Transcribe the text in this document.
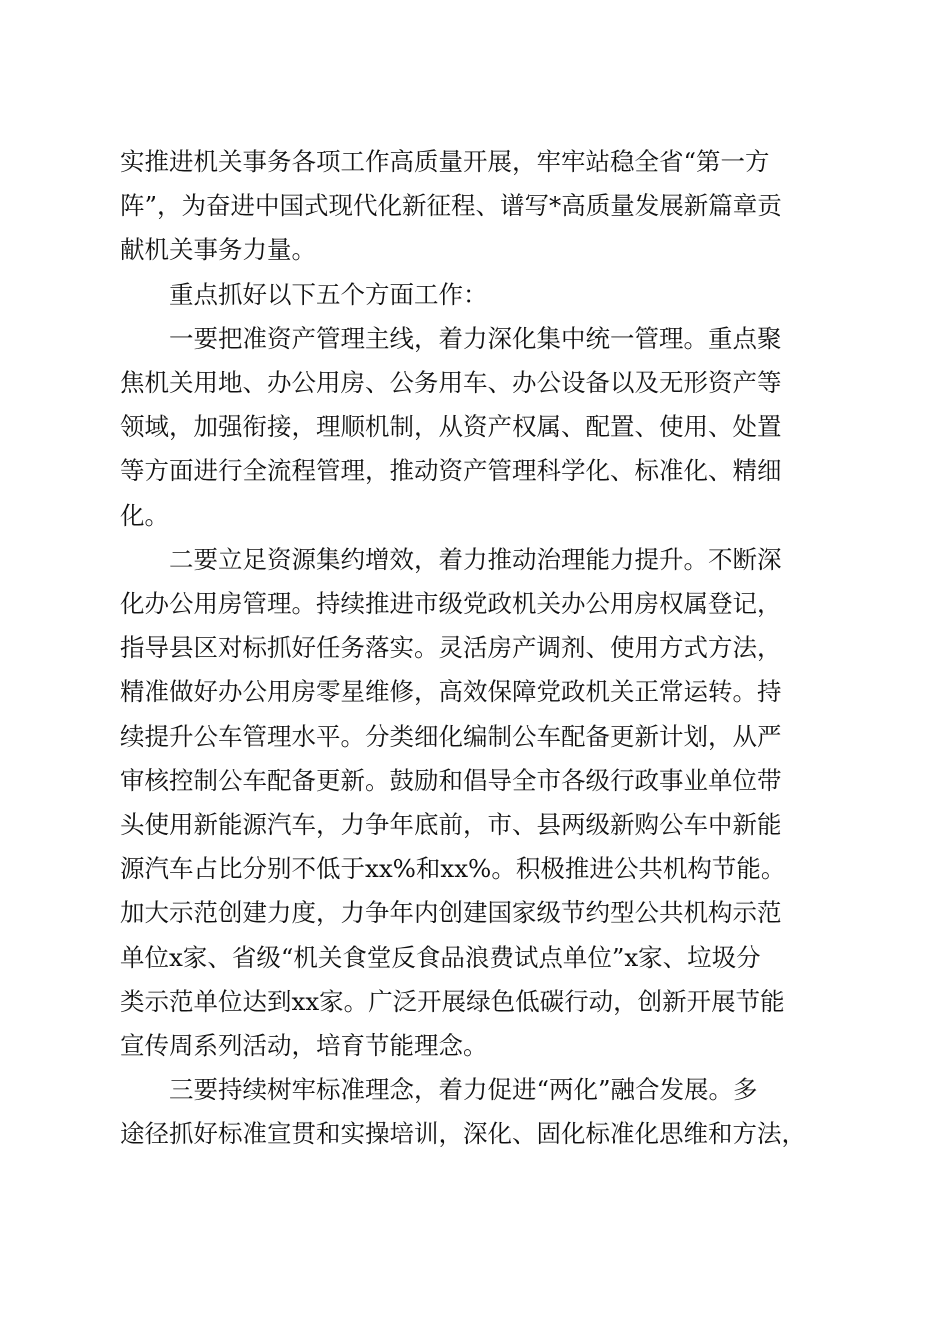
实推进机关事务各项工作高质量开展，牢牢站稳全省“第一方
阵”，为奋进中国式现代化新征程、谱写*高质量发展新篇章贡
献机关事务力量。

重点抓好以下五个方面工作：

一要把准资产管理主线，着力深化集中统一管理。重点聚
焦机关用地、办公用房、公务用车、办公设备以及无形资产等
领域，加强衔接，理顺机制，从资产权属、配置、使用、处置
等方面进行全流程管理，推动资产管理科学化、标准化、精细
化。

二要立足资源集约增效，着力推动治理能力提升。不断深
化办公用房管理。持续推进市级党政机关办公用房权属登记，
指导县区对标抓好任务落实。灵活房产调剂、使用方式方法，
精准做好办公用房零星维修，高效保障党政机关正常运转。持
续提升公车管理水平。分类细化编制公车配备更新计划，从严
审核控制公车配备更新。鼓励和倡导全市各级行政事业单位带
头使用新能源汽车，力争年底前，市、县两级新购公车中新能
源汽车占比分别不低于xx%和xx%。积极推进公共机构节能。
加大示范创建力度，力争年内创建国家级节约型公共机构示范
单位x家、省级“机关食堂反食品浪费试点单位”x家、垃圾分
类示范单位达到xx家。广泛开展绿色低碳行动，创新开展节能
宣传周系列活动，培育节能理念。

三要持续树牢标准理念，着力促进“两化”融合发展。多
途径抓好标准宣贯和实操培训，深化、固化标准化思维和方法，
